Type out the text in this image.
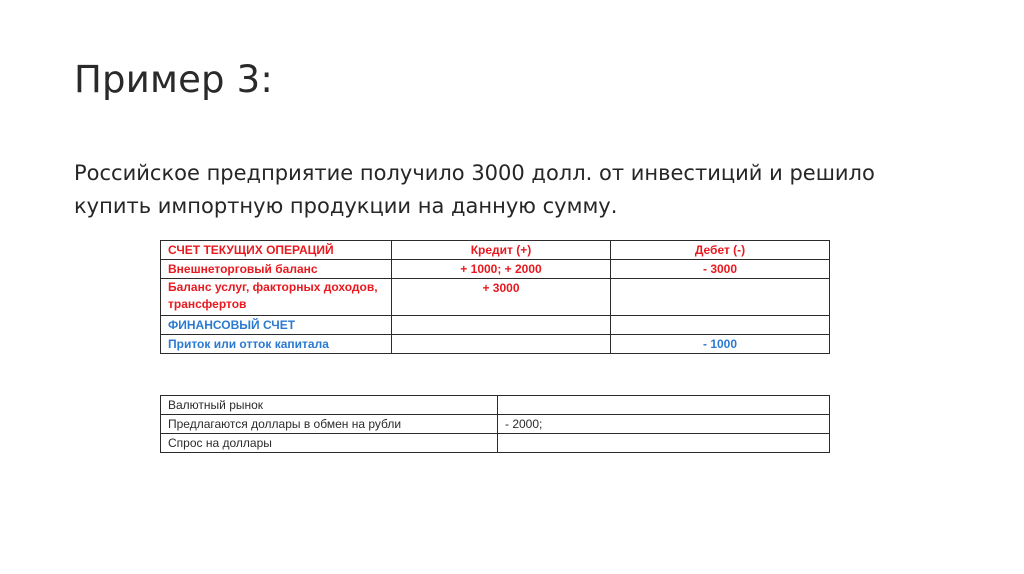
Пример 3:
Российское предприятие получило 3000 долл. от инвестиций и решило купить импортную продукции на данную сумму.
СЧЕТ ТЕКУЩИХ ОПЕРАЦИЙ	Кредит (+)	Дебет (-)
Внешнеторговый баланс	+ 1000; + 2000	- 3000
Баланс услуг, факторных доходов, трансфертов	+ 3000	
ФИНАНСОВЫЙ СЧЕТ		
Приток или отток капитала		- 1000
Валютный рынок	
Предлагаются доллары в обмен на рубли	- 2000;
Спрос на доллары	
